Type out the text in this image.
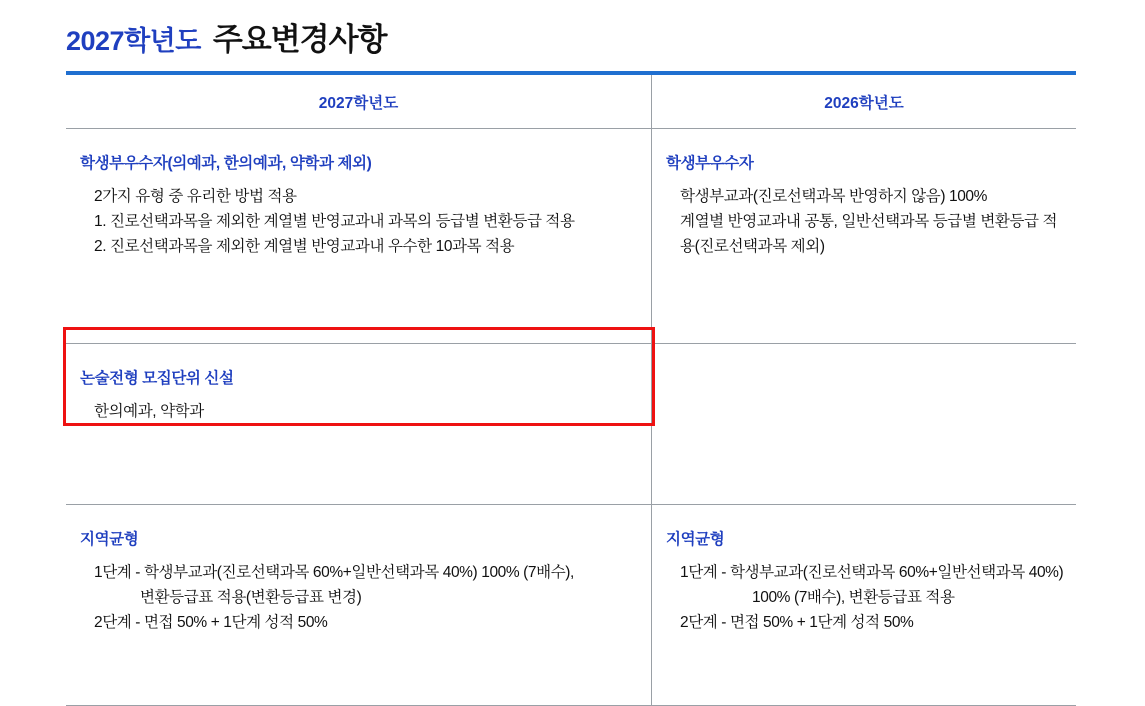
2027학년도 주요변경사항
2027학년도	2026학년도
학생부우수자(의예과, 한의예과, 약학과 제외)
2가지 유형 중 유리한 방법 적용
1. 진로선택과목을 제외한 계열별 반영교과내 과목의 등급별 변환등급 적용
2. 진로선택과목을 제외한 계열별 반영교과내 우수한 10과목 적용
학생부우수자
학생부교과(진로선택과목 반영하지 않음) 100%
계열별 반영교과내 공통, 일반선택과목 등급별 변환등급 적용(진로선택과목 제외)
논술전형 모집단위 신설
한의예과, 약학과
지역균형
1단계 - 학생부교과(진로선택과목 60%+일반선택과목 40%) 100% (7배수),
변환등급표 적용(변환등급표 변경)
2단계 - 면접 50% + 1단계 성적 50%
지역균형
1단계 - 학생부교과(진로선택과목 60%+일반선택과목 40%)
100% (7배수), 변환등급표 적용
2단계 - 면접 50% + 1단계 성적 50%
